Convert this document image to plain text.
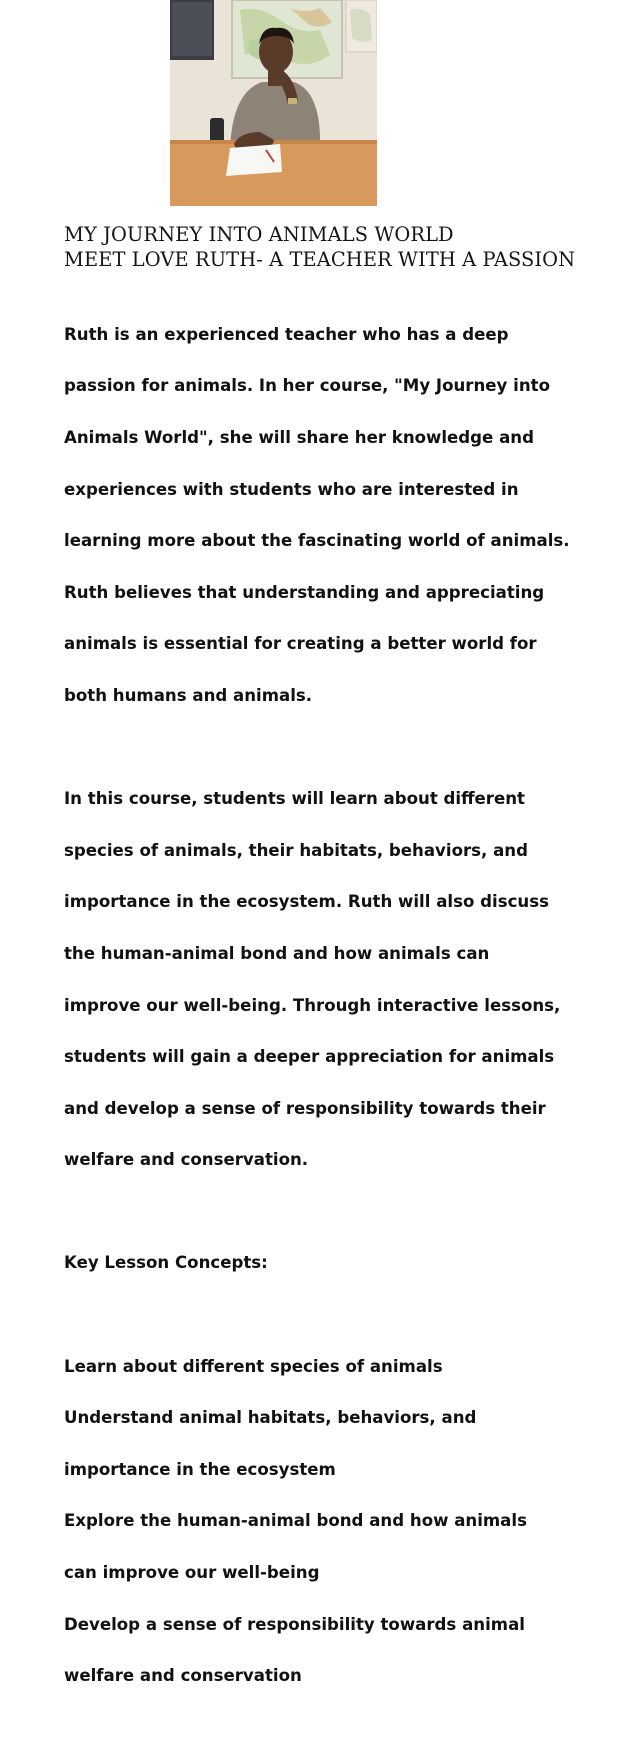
MY JOURNEY INTO ANIMALS WORLD
MEET LOVE RUTH- A TEACHER WITH A PASSION

Ruth is an experienced teacher who has a deep

passion for animals. In her course, "My Journey into

Animals World", she will share her knowledge and

experiences with students who are interested in

learning more about the fascinating world of animals.

Ruth believes that understanding and appreciating

animals is essential for creating a better world for

both humans and animals.

In this course, students will learn about different

species of animals, their habitats, behaviors, and

importance in the ecosystem. Ruth will also discuss

the human-animal bond and how animals can

improve our well-being. Through interactive lessons,

students will gain a deeper appreciation for animals

and develop a sense of responsibility towards their

welfare and conservation.

Key Lesson Concepts:

Learn about different species of animals

Understand animal habitats, behaviors, and

importance in the ecosystem

Explore the human-animal bond and how animals

can improve our well-being

Develop a sense of responsibility towards animal

welfare and conservation
